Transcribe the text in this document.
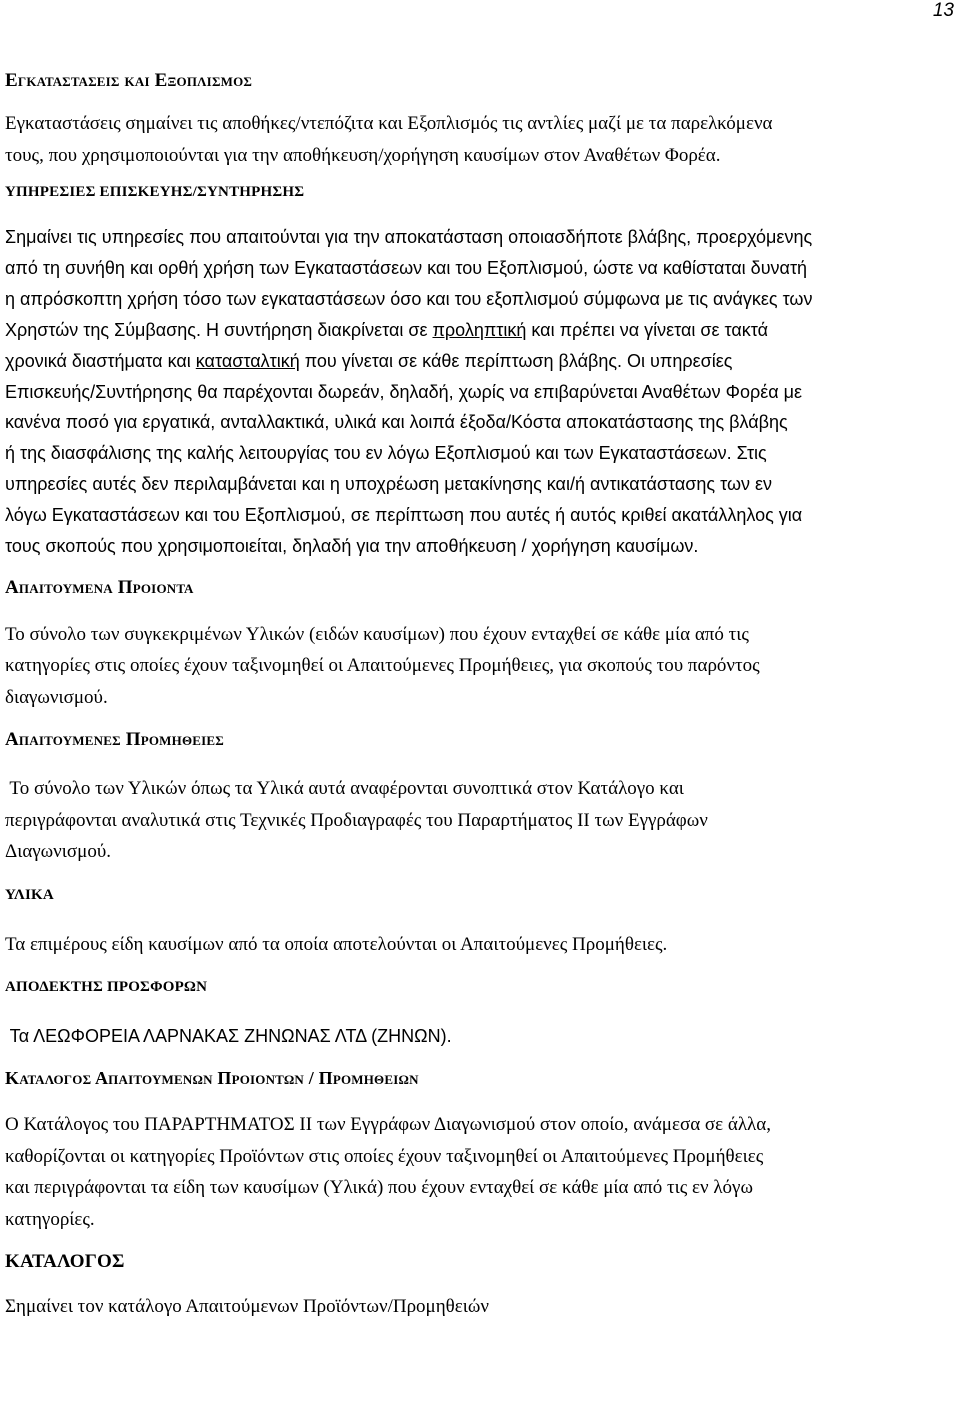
13

Εγκαταστασεισ και Εξοπλισμοσ

Εγκαταστάσεις σημαίνει τις αποθήκες/ντεπόζιτα και Εξοπλισμός τις αντλίες μαζί με τα παρελκόμενα
τους, που χρησιμοποιούνται για την αποθήκευση/χορήγηση καυσίμων στον Αναθέτων Φορέα.

ΥΠΗΡΕΣΙΕΣ ΕΠΙΣΚΕΥΗΣ/ΣΥΝΤΗΡΗΣΗΣ

Σημαίνει τις υπηρεσίες που απαιτούνται για την αποκατάσταση οποιασδήποτε βλάβης, προερχόμενης
από τη συνήθη και ορθή χρήση των Εγκαταστάσεων και του Εξοπλισμού, ώστε να καθίσταται δυνατή
η απρόσκοπτη χρήση τόσο των εγκαταστάσεων όσο και του εξοπλισμού σύμφωνα με τις ανάγκες των
Χρηστών της Σύμβασης. Η συντήρηση διακρίνεται σε προληπτική και πρέπει να γίνεται σε τακτά
χρονικά διαστήματα και κατασταλτική που γίνεται σε κάθε περίπτωση βλάβης. Οι υπηρεσίες
Επισκευής/Συντήρησης θα παρέχονται δωρεάν, δηλαδή, χωρίς να επιβαρύνεται Αναθέτων Φορέα με
κανένα ποσό για εργατικά, ανταλλακτικά, υλικά και λοιπά έξοδα/Κόστα αποκατάστασης της βλάβης
ή της διασφάλισης της καλής λειτουργίας του εν λόγω Εξοπλισμού και των Εγκαταστάσεων. Στις
υπηρεσίες αυτές δεν περιλαμβάνεται και η υποχρέωση μετακίνησης και/ή αντικατάστασης των εν
λόγω Εγκαταστάσεων και του Εξοπλισμού, σε περίπτωση που αυτές ή αυτός κριθεί ακατάλληλος για
τους σκοπούς που χρησιμοποιείται, δηλαδή για την αποθήκευση / χορήγηση καυσίμων.

Απαιτουμενα Προιοντα

Το σύνολο των συγκεκριμένων Υλικών (ειδών καυσίμων) που έχουν ενταχθεί σε κάθε μία από τις
κατηγορίες στις οποίες έχουν ταξινομηθεί οι Απαιτούμενες Προμήθειες, για σκοπούς του παρόντος
διαγωνισμού.

Απαιτουμενεσ Προμηθειεσ

Το σύνολο των Υλικών όπως τα Υλικά αυτά αναφέρονται συνοπτικά στον Κατάλογο και
περιγράφονται αναλυτικά στις Τεχνικές Προδιαγραφές του Παραρτήματος ΙΙ των Εγγράφων
Διαγωνισμού.

ΥΛΙΚΑ

Τα επιμέρους είδη καυσίμων από τα οποία αποτελούνται οι Απαιτούμενες Προμήθειες.

ΑΠΟΔΕΚΤΗΣ ΠΡΟΣΦΟΡΩΝ

Τα ΛΕΩΦΟΡΕΙΑ ΛΑΡΝΑΚΑΣ ΖΗΝΩΝΑΣ ΛΤΔ (ΖΗΝΩΝ).

Καταλογοσ Απαιτουμενων Προιοντων / Προμηθειων

Ο Κατάλογος του ΠΑΡΑΡΤΗΜΑΤΟΣ ΙΙ των Εγγράφων Διαγωνισμού στον οποίο, ανάμεσα σε άλλα,
καθορίζονται οι κατηγορίες Προϊόντων στις οποίες έχουν ταξινομηθεί οι Απαιτούμενες Προμήθειες
και περιγράφονται τα είδη των καυσίμων (Υλικά) που έχουν ενταχθεί σε κάθε μία από τις εν λόγω
κατηγορίες.

ΚΑΤΑΛΟΓΟΣ

Σημαίνει τον κατάλογο Απαιτούμενων Προϊόντων/Προμηθειών
